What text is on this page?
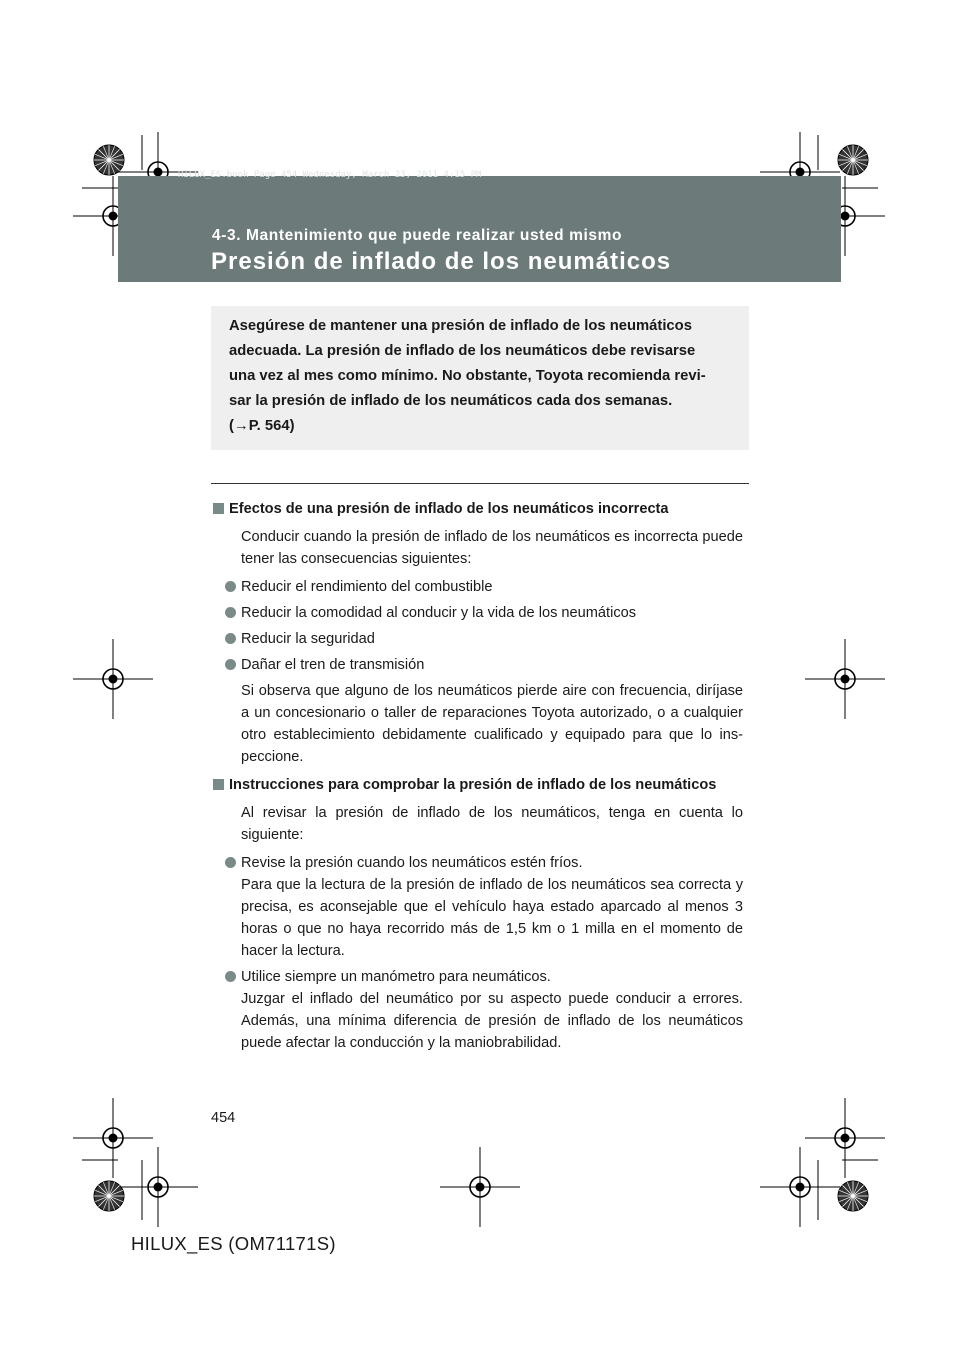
HILUX_ES.book Page 454 Wednesday, March 23, 2011 4:15 PM
4-3. Mantenimiento que puede realizar usted mismo
Presión de inflado de los neumáticos

Asegúrese de mantener una presión de inflado de los neumáticos

adecuada. La presión de inflado de los neumáticos debe revisarse

una vez al mes como mínimo. No obstante, Toyota recomienda revi-

sar la presión de inflado de los neumáticos cada dos semanas.

(→P. 564)

Efectos de una presión de inflado de los neumáticos incorrecta

Conducir cuando la presión de inflado de los neumáticos es incorrecta puede tener las consecuencias siguientes:

Reducir el rendimiento del combustible
Reducir la comodidad al conducir y la vida de los neumáticos
Reducir la seguridad
Dañar el tren de transmisión

Si observa que alguno de los neumáticos pierde aire con frecuencia, diríjase a un concesionario o taller de reparaciones Toyota autorizado, o a cualquier otro establecimiento debidamente cualificado y equipado para que lo ins-peccione.

Instrucciones para comprobar la presión de inflado de los neumáticos

Al revisar la presión de inflado de los neumáticos, tenga en cuenta lo siguiente:

Revise la presión cuando los neumáticos estén fríos.
Para que la lectura de la presión de inflado de los neumáticos sea correcta y precisa, es aconsejable que el vehículo haya estado aparcado al menos 3 horas o que no haya recorrido más de 1,5 km o 1 milla en el momento de hacer la lectura.
Utilice siempre un manómetro para neumáticos.
Juzgar el inflado del neumático por su aspecto puede conducir a errores. Además, una mínima diferencia de presión de inflado de los neumáticos puede afectar la conducción y la maniobrabilidad.
454
HILUX_ES (OM71171S)
